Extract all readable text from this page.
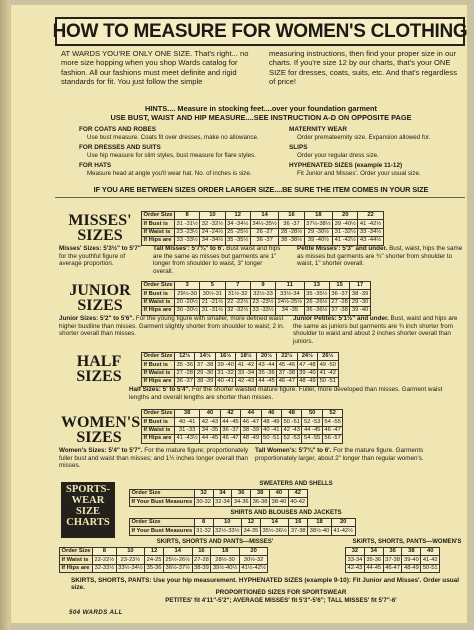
HOW TO MEASURE FOR WOMEN'S CLOTHING
AT WARDS YOU'RE ONLY ONE SIZE. That's right... no more size hopping when you shop Wards catalog for fashion. All our fashions must meet definite and rigid standards for fit. You just follow the simple
measuring instructions, then find your proper size in our charts. If you're size 12 by our charts, that's your ONE SIZE for dresses, coats, suits, etc. And that's regardless of price!
HINTS.... Measure in stocking feet....over your foundation garment
USE BUST, WAIST AND HIP MEASURE....SEE INSTRUCTION A-D ON OPPOSITE PAGE
FOR COATS AND ROBES
Use bust measure. Coats fit over dresses, make no allowance.
FOR DRESSES AND SUITS
Use hip measure for slim styles, bust measure for flare styles.
FOR HATS
Measure head at angle you'll wear hat. No. of inches is size.
MATERNITY WEAR
Order premateernity size. Expansion allowed for.
SLIPS
Order your regular dress size.
HYPHENATED SIZES (example 11-12)
Fit Junior and Misses'. Order your usual size.
IF YOU ARE BETWEEN SIZES ORDER LARGER SIZE....BE SURE THE ITEM COMES IN YOUR SIZE
MISSES'
SIZES
Order Size	8	10	12	14	16	18	20	22
If Bust is	31 -31½	32 -32½	34 -34½	34½-35½	36 -37	37½-38½	39 -40½	41 -42½
If Waist is	23 -23½	24 -24½	25 -25½	26 -27	28 -28½	29 -30½	31 -32½	33 -34½
If Hips are	33 -33½	34 -34½	35 -35½	36 -37	38 -38½	39 -40½	41 -42½	43 -44½
Misses' Sizes: 5'3½" to 5'7" for the youthful figure of average proportion.
Tall Misses': 5'7¾" to 6'. Bust waist and hips are the same as misses but garments are 1" longer from shoulder to waist, 3" longer overall.
Petite Misses': 5'3" and under. Bust, waist, hips the same as misses but garments are ¾" shorter from shoulder to waist, 1" shorter overall.
JUNIOR
SIZES
Order Size	3	5	7	9	11	13	15	17
If Bust is	29½-30	30½-31	31½-32	32½-33	33½-34	35 -35½	36 -37	38 -39
If Waist is	20 -20½	21 -21½	22 -22½	23 -23½	24½-25½	26 -26½	27 -28	29 -30
If Hips are	30 -30½	31 -31½	32 -32½	33 -33½	34 -35	36 -36½	37 -38	39 -40
Junior Sizes: 5'2" to 5'6". For the young figure with smaller, more defined waist higher bustline than misses. Garment slightly shorter from shoulder to waist; 2 in. shorter overall than misses.
Junior Petites: 5'1½" and under. Bust, waist and hips are the same as juniors but garments are ¾ inch shorter from shoulder to waist and about 2 inches shorter overall than juniors.
HALF
SIZES
Order Size	12½	14½	16½	18½	20½	22½	24½	26½
If Bust is	35 -36	37 -38	39 -40	41 -42	43 -44	45 -46	47 -48	49 -50
If Waist is	27 -28	29 -30	31 -32	33 -34	35 -36	37 -38	39 -40	41 -42
If Hips are	36 -37	38 -39	40 -41	42 -43	44 -45	46 -47	48 -49	50 -51
Half Sizes: 5' to 5'4". For the shorter waisted mature figure. Fuller, more developed than misses. Garment waist lengths and overall lengths are shorter than misses.
WOMEN'S
SIZES
Order Size	38	40	42	44	46	48	50	52
If Bust is	40 -41	42 -43	44 -45	46 -47	48 -49	50 -51	52 -53	54 -55
If Waist is	31 -33	34 -35	36 -37	38 -39	40 -41	42 -43	44 -45	46 -47
If Hips are	41 -43½	44 -45	46 -47	48 -49	50 -51	52 -53	54 -55	56 -57
Women's Sizes: 5'4" to 5'7". For the mature figure; proportionately fuller bust and waist than misses; and 1½ inches longer overall than misses.
Tall Women's: 5'7¾" to 6'. For the mature figure. Garments proportionately larger, about 2" longer than regular women's.
SPORTS-
WEAR
SIZE
CHARTS
SWEATERS AND SHELLS
Order Size	32	34	36	38	40	42
If Your Bust Measures	30-32	32-34	34-36	36-38	38-40	40-42
SHIRTS AND BLOUSES AND JACKETS
Order Size	8	10	12	14	16	18	20
If Your Bust Measures	31-32	32½-33½	34-35	35½-36½	37-38	38½-40	41-42½
SKIRTS, SHORTS AND PANTS—MISSES'
Order Size	8	10	12	14	16	18	20
If Waist is	22-22½	23-23½	24-25	25½-26½	27-28	28½-30	30½-32
If Hips are	32-33½	33½-34½	35-36	36½-37½	38-39	39½-40½	41½-42½
SKIRTS, SHORTS, PANTS—WOMEN'S
32	34	36	38	40
33-34	35-36	37-38	39-40	41-42
42-43	44-45	46-47	48-49	50-51
SKIRTS, SHORTS, PANTS: Use your hip measurement. HYPHENATED SIZES (example 9-10): Fit Junior and Misses'. Order usual size.
PROPORTIONED SIZES FOR SPORTSWEAR
PETITES' fit 4'11"-5'2"; AVERAGE MISSES' fit 5'3"-5'6"; TALL MISSES' fit 5'7"-6'
504 WARDS ALL
